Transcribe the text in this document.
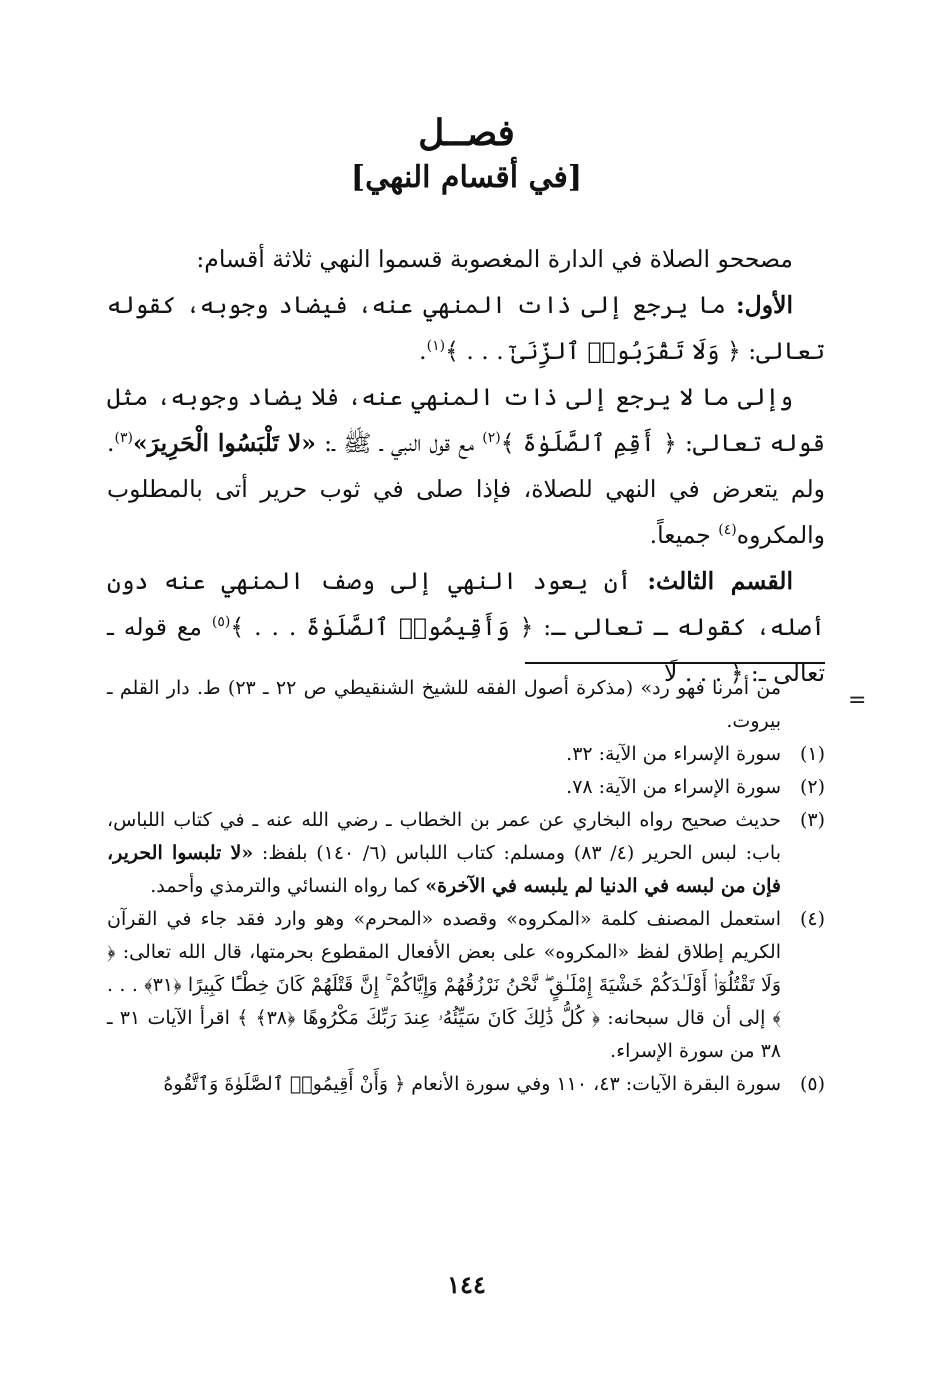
فصــل
[في أقسام النهي]

مصححو الصلاة في الدارة المغصوبة قسموا النهي ثلاثة أقسام:

الأول: ما يرجع إلى ذات المنهي عنه، فيضاد وجوبه، كقوله تعالى: ﴿ وَلَا تَقْرَبُوا۟ ٱلزِّنَىٰٓ . . . ﴾$^{(١)}$.

وإلى ما لا يرجع إلى ذات المنهي عنه، فلا يضاد وجوبه، مثل قوله تعالى: ﴿ أَقِمِ ٱلصَّلَوٰةَ ﴾$^{(٢)}$ مع قول النبي ـ ﷺ ـ: «لا تَلْبَسُوا الْحَرِيرَ»$^{(٣)}$. ولم يتعرض في النهي للصلاة، فإذا صلى في ثوب حرير أتى بالمطلوب والمكروه$^{(٤)}$ جميعاً.

القسم الثالث: أن يعود النهي إلى وصف المنهي عنه دون أصله، كقوله ـ تعالى ـ: ﴿ وَأَقِيمُوا۟ ٱلصَّلَوٰةَ . . . ﴾$^{(٥)}$ مع قوله ـ تعالى ـ: ﴿ . . . لَا

=

من أمرنا فهو رد» (مذكرة أصول الفقه للشيخ الشنقيطي ص ٢٢ ـ ٢٣) ط. دار القلم ـ بيروت.

(١)
سورة الإسراء من الآية: ٣٢.
(٢)
سورة الإسراء من الآية: ٧٨.
(٣)
حديث صحيح رواه البخاري عن عمر بن الخطاب ـ رضي الله عنه ـ في كتاب اللباس، باب: لبس الحرير (٤/ ٨٣) ومسلم: كتاب اللباس (٦/ ١٤٠) بلفظ: «لا تلبسوا الحرير، فإن من لبسه في الدنيا لم يلبسه في الآخرة» كما رواه النسائي والترمذي وأحمد.
(٤)
استعمل المصنف كلمة «المكروه» وقصده «المحرم» وهو وارد فقد جاء في القرآن الكريم إطلاق لفظ «المكروه» على بعض الأفعال المقطوع بحرمتها، قال الله تعالى: ﴿ وَلَا تَقْتُلُوٓا۟ أَوْلَـٰدَكُمْ خَشْيَةَ إِمْلَـٰقٍ ۖ نَّحْنُ نَرْزُقُهُمْ وَإِيَّاكُمْ ۚ إِنَّ قَتْلَهُمْ كَانَ خِطْـًٔا كَبِيرًا ﴿٣١﴾ . . . ﴾ إلى أن قال سبحانه: ﴿ كُلُّ ذَٰلِكَ كَانَ سَيِّئُهُۥ عِندَ رَبِّكَ مَكْرُوهًا ﴿٣٨﴾ ﴾ اقرأ الآيات ٣١ ـ ٣٨ من سورة الإسراء.
(٥)
سورة البقرة الآيات: ٤٣، ١١٠ وفي سورة الأنعام ﴿ وَأَنْ أَقِيمُوا۟ ٱلصَّلَوٰةَ وَٱتَّقُوهُ
١٤٤
